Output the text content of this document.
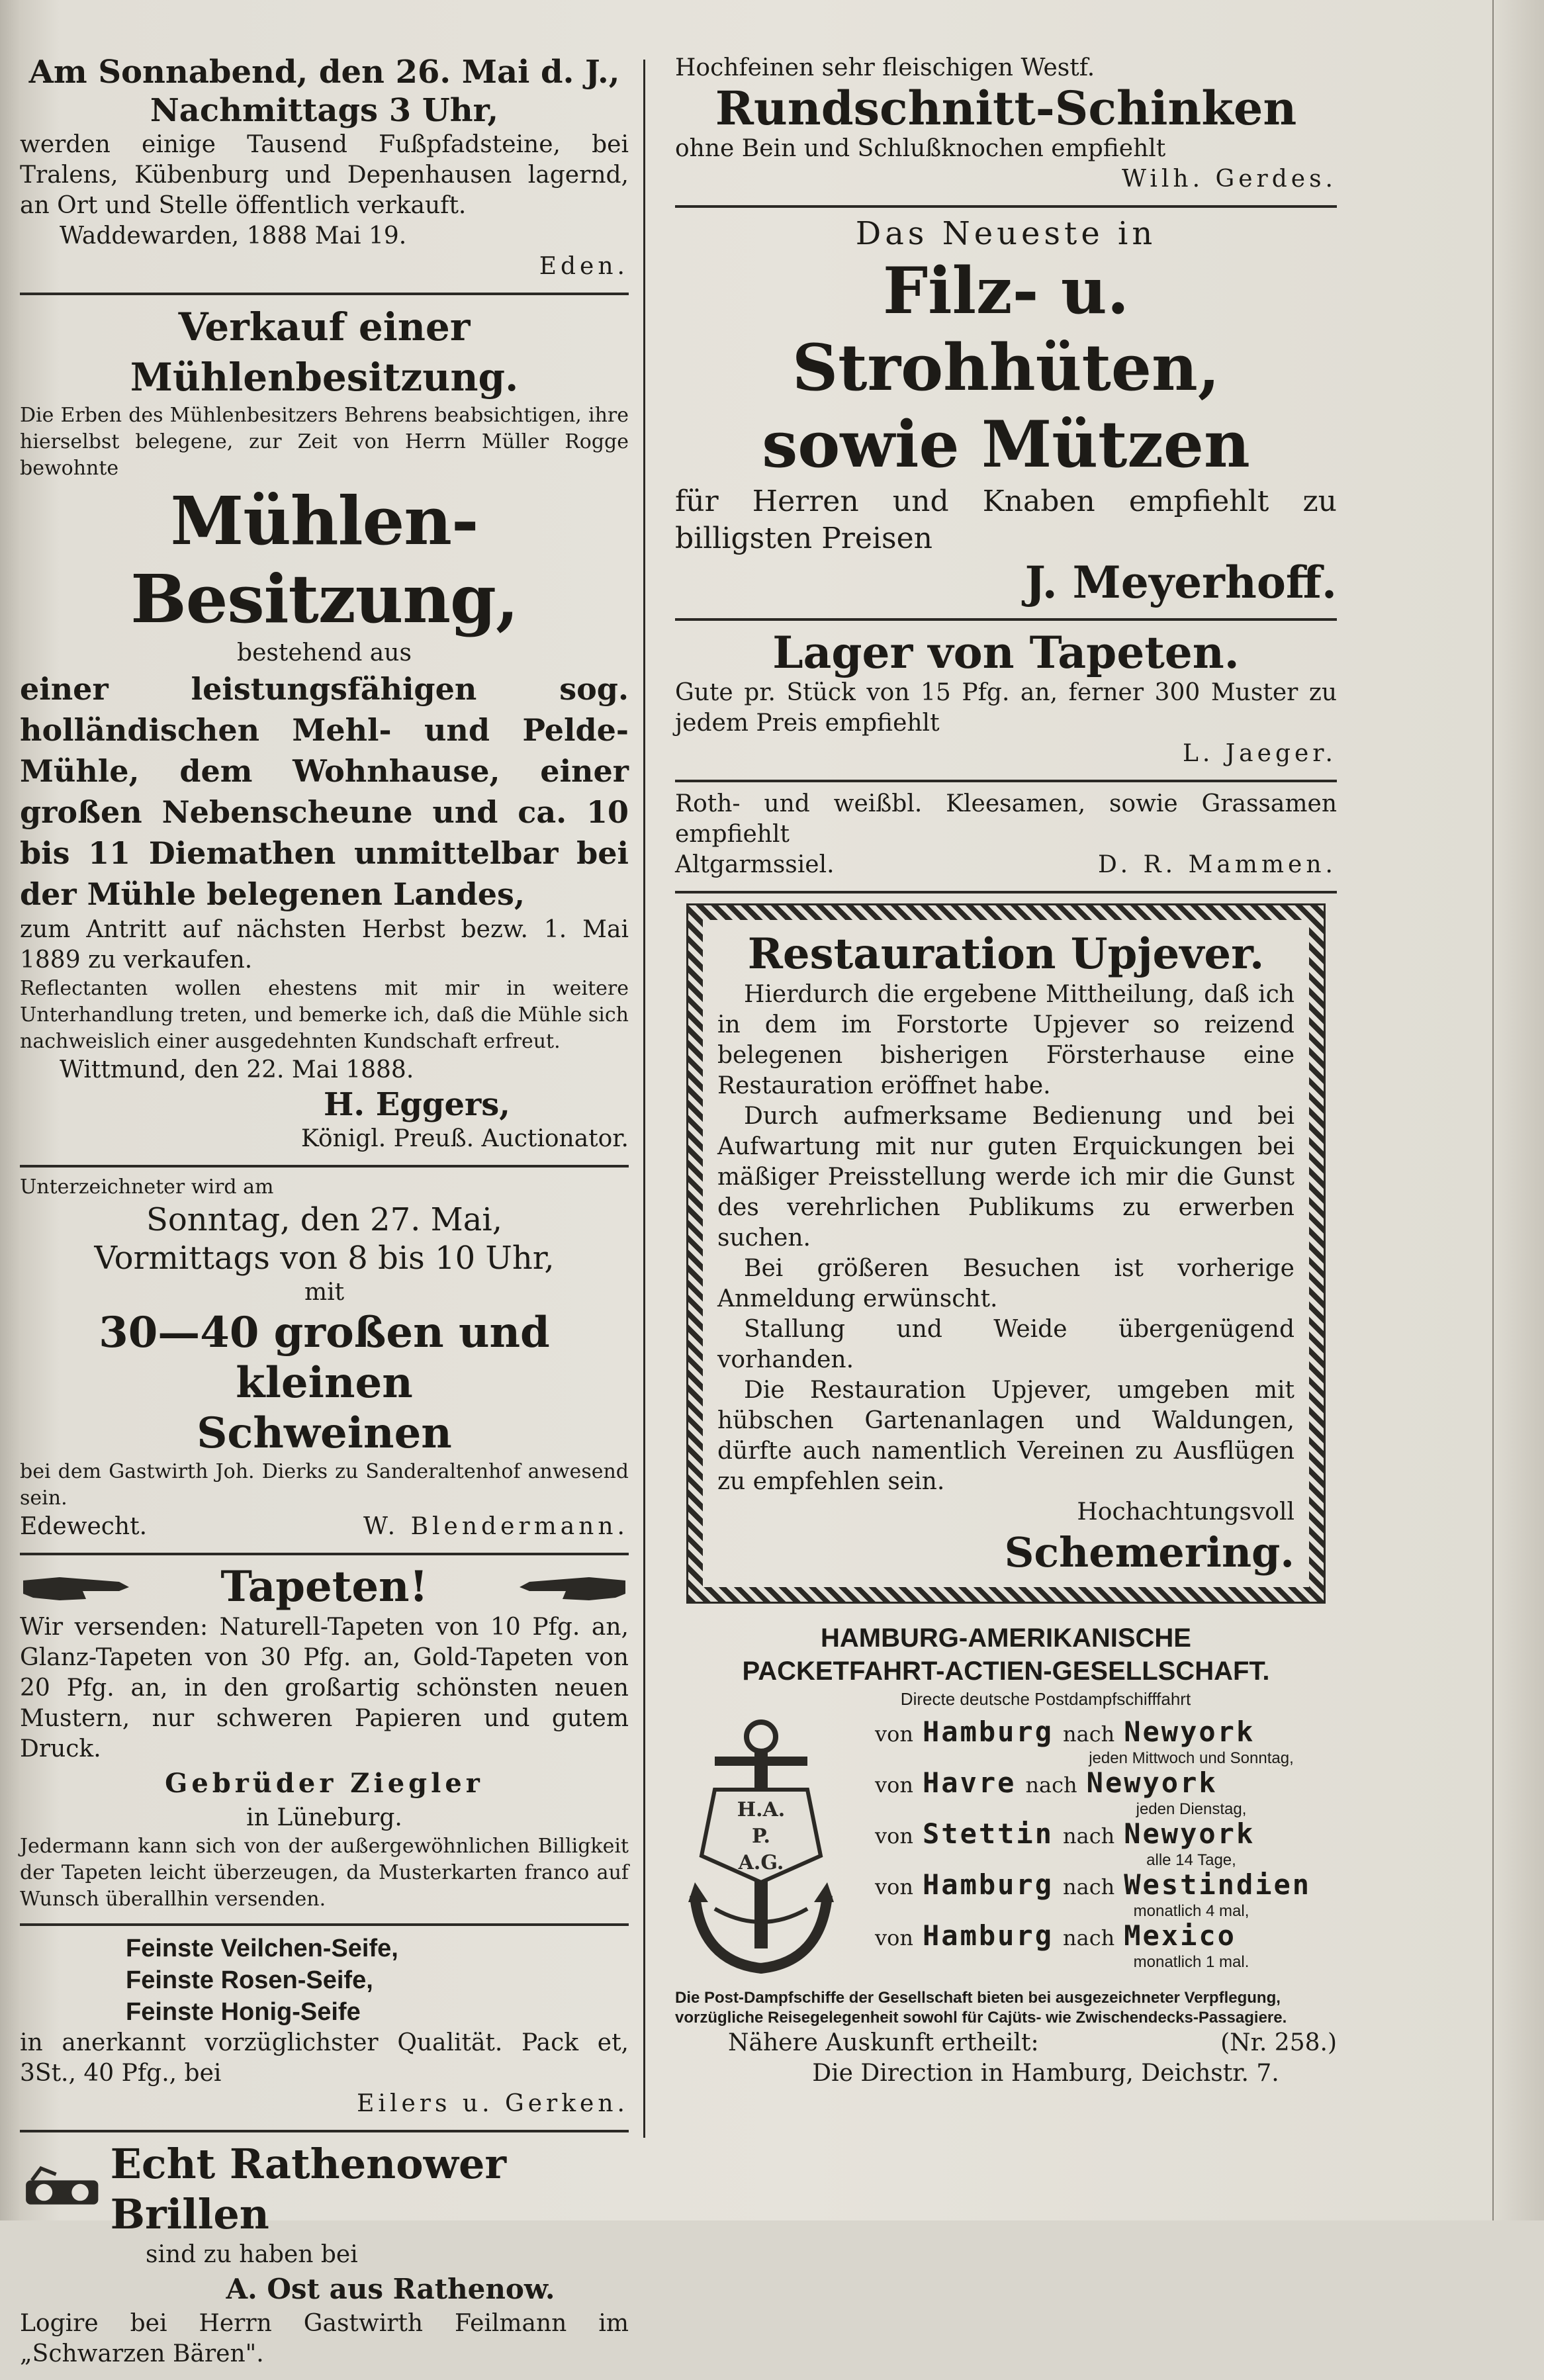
Am Sonnabend, den 26. Mai d. J.,

Nachmittags 3 Uhr,

werden einige Tausend Fußpfadsteine, bei Tralens, Kübenburg und Depenhausen lagernd, an Ort und Stelle öffentlich verkauft.

Waddewarden, 1888 Mai 19.

Eden.

Verkauf einer Mühlenbesitzung.

Die Erben des Mühlenbesitzers Behrens beabsichtigen, ihre hierselbst belegene, zur Zeit von Herrn Müller Rogge bewohnte

Mühlen-Besitzung,

bestehend aus

einer leistungsfähigen sog. holländischen Mehl- und Pelde-Mühle, dem Wohnhause, einer großen Nebenscheune und ca. 10 bis 11 Diemathen unmittelbar bei der Mühle belegenen Landes,

zum Antritt auf nächsten Herbst bezw. 1. Mai 1889 zu verkaufen.

Reflectanten wollen ehestens mit mir in weitere Unterhandlung treten, und bemerke ich, daß die Mühle sich nachweislich einer ausgedehnten Kundschaft erfreut.

Wittmund, den 22. Mai 1888.

H. Eggers,

Königl. Preuß. Auctionator.

Unterzeichneter wird am

Sonntag, den 27. Mai,

Vormittags von 8 bis 10 Uhr,

mit

30—40 großen und kleinen

Schweinen

bei dem Gastwirth Joh. Dierks zu Sanderaltenhof anwesend sein.

Edewecht.	W. Blendermann.

Tapeten!

Wir versenden: Naturell-Tapeten von 10 Pfg. an, Glanz-Tapeten von 30 Pfg. an, Gold-Tapeten von 20 Pfg. an, in den großartig schönsten neuen Mustern, nur schweren Papieren und gutem Druck.

Gebrüder Ziegler

in Lüneburg.

Jedermann kann sich von der außergewöhnlichen Billigkeit der Tapeten leicht überzeugen, da Musterkarten franco auf Wunsch überallhin versenden.

Feinste Veilchen-Seife,

Feinste Rosen-Seife,

Feinste Honig-Seife

in anerkannt vorzüglichster Qualität. Pack et, 3St., 40 Pfg., bei

Eilers u. Gerken.

Echt Rathenower Brillen

sind zu haben bei

A. Ost aus Rathenow.

Logire bei Herrn Gastwirth Feilmann im „Schwarzen Bären".

Hochfeinen sehr fleischigen Westf.

Rundschnitt-Schinken

ohne Bein und Schlußknochen empfiehlt

Wilh. Gerdes.

Das Neueste in

Filz- u. Strohhüten,

sowie Mützen

für Herren und Knaben empfiehlt zu billigsten Preisen

J. Meyerhoff.

Lager von Tapeten.

Gute pr. Stück von 15 Pfg. an, ferner 300 Muster zu jedem Preis empfiehlt

L. Jaeger.

Roth- und weißbl. Kleesamen, sowie Grassamen empfiehlt

Altgarmssiel.	D. R. Mammen.

Restauration Upjever.

Hierdurch die ergebene Mittheilung, daß ich in dem im Forstorte Upjever so reizend belegenen bisherigen Försterhause eine Restauration eröffnet habe.

Durch aufmerksame Bedienung und bei Aufwartung mit nur guten Erquickungen bei mäßiger Preisstellung werde ich mir die Gunst des verehrlichen Publikums zu erwerben suchen.

Bei größeren Besuchen ist vorherige Anmeldung erwünscht.

Stallung und Weide übergenügend vorhanden.

Die Restauration Upjever, umgeben mit hübschen Gartenanlagen und Waldungen, dürfte auch namentlich Vereinen zu Ausflügen zu empfehlen sein.

Hochachtungsvoll

Schemering.

HAMBURG-AMERIKANISCHE

PACKETFAHRT-ACTIEN-GESELLSCHAFT.

Directe deutsche Postdampfschifffahrt

H.A.
P.
A.G.
von Hamburg nach Newyork
jeden Mittwoch und Sonntag,
von Havre nach Newyork
jeden Dienstag,
von Stettin nach Newyork
alle 14 Tage,
von Hamburg nach Westindien
monatlich 4 mal,
von Hamburg nach Mexico
monatlich 1 mal.

Die Post-Dampfschiffe der Gesellschaft bieten bei ausgezeichneter Verpflegung, vorzügliche Reisegelegenheit sowohl für Cajüts- wie Zwischendecks-Passagiere.

Nähere Auskunft ertheilt:	(Nr. 258.)

Die Direction in Hamburg, Deichstr. 7.
